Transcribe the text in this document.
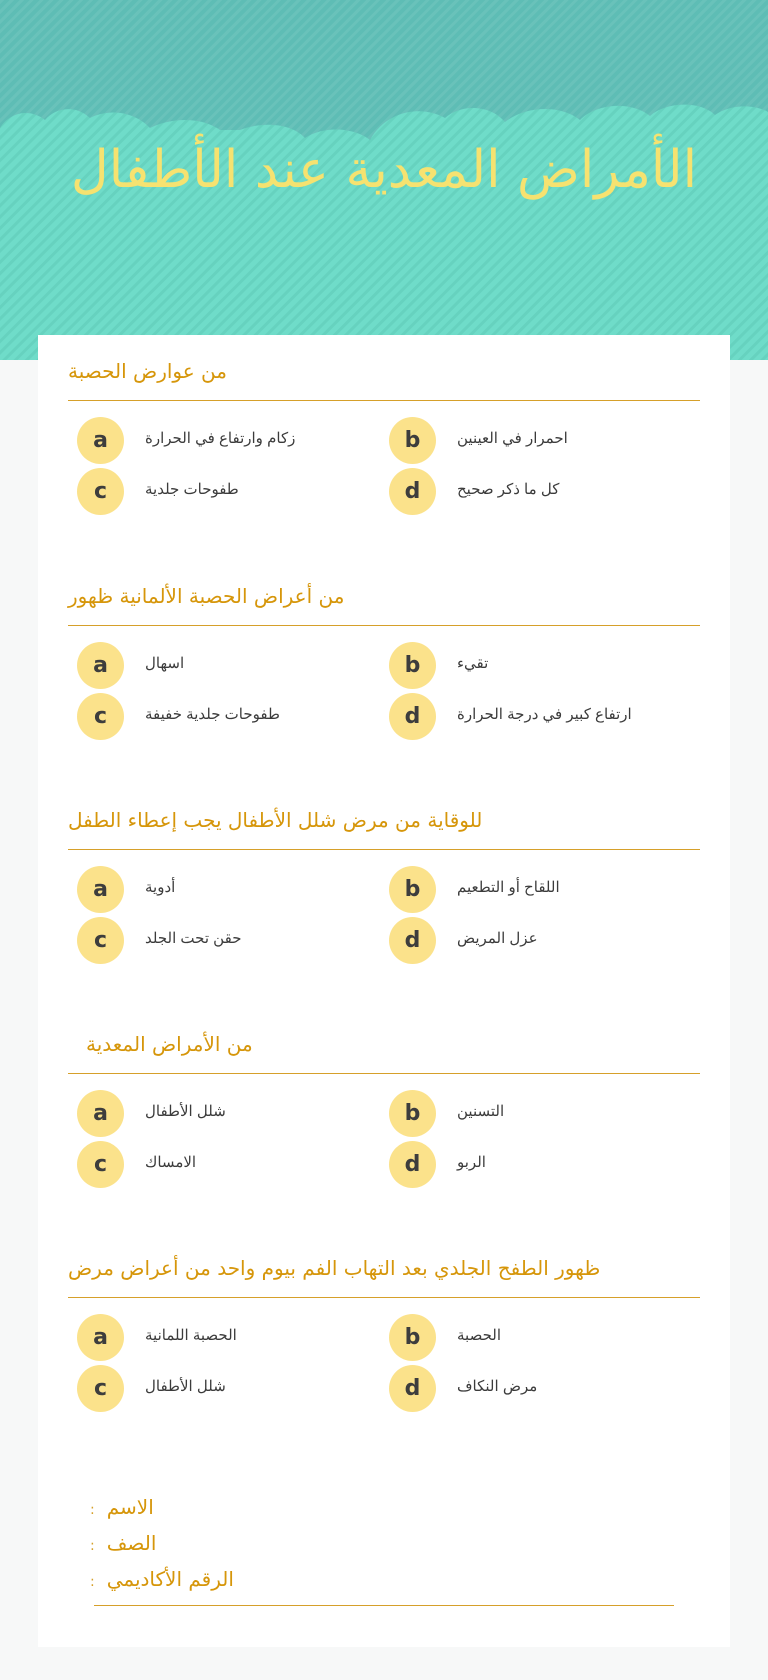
الأمراض المعدية عند الأطفال
من عوارض الحصبة
a	زكام وارتفاع في الحرارة	b	احمرار في العينين
c	طفوحات جلدية	d	كل ما ذكر صحيح
من أعراض الحصبة الألمانية ظهور
a	اسهال	b	تقيء
c	طفوحات جلدية خفيفة	d	ارتفاع كبير في درجة الحرارة
للوقاية من مرض شلل الأطفال يجب إعطاء الطفل
a	أدوية	b	اللقاح أو التطعيم
c	حقن تحت الجلد	d	عزل المريض
من الأمراض المعدية
a	شلل الأطفال	b	التسنين
c	الامساك	d	الربو
ظهور الطفح الجلدي بعد التهاب الفم بيوم واحد من أعراض مرض
a	الحصبة اللمانية	b	الحصبة
c	شلل الأطفال	d	مرض النكاف
: الاسم
: الصف
: الرقم الأكاديمي
